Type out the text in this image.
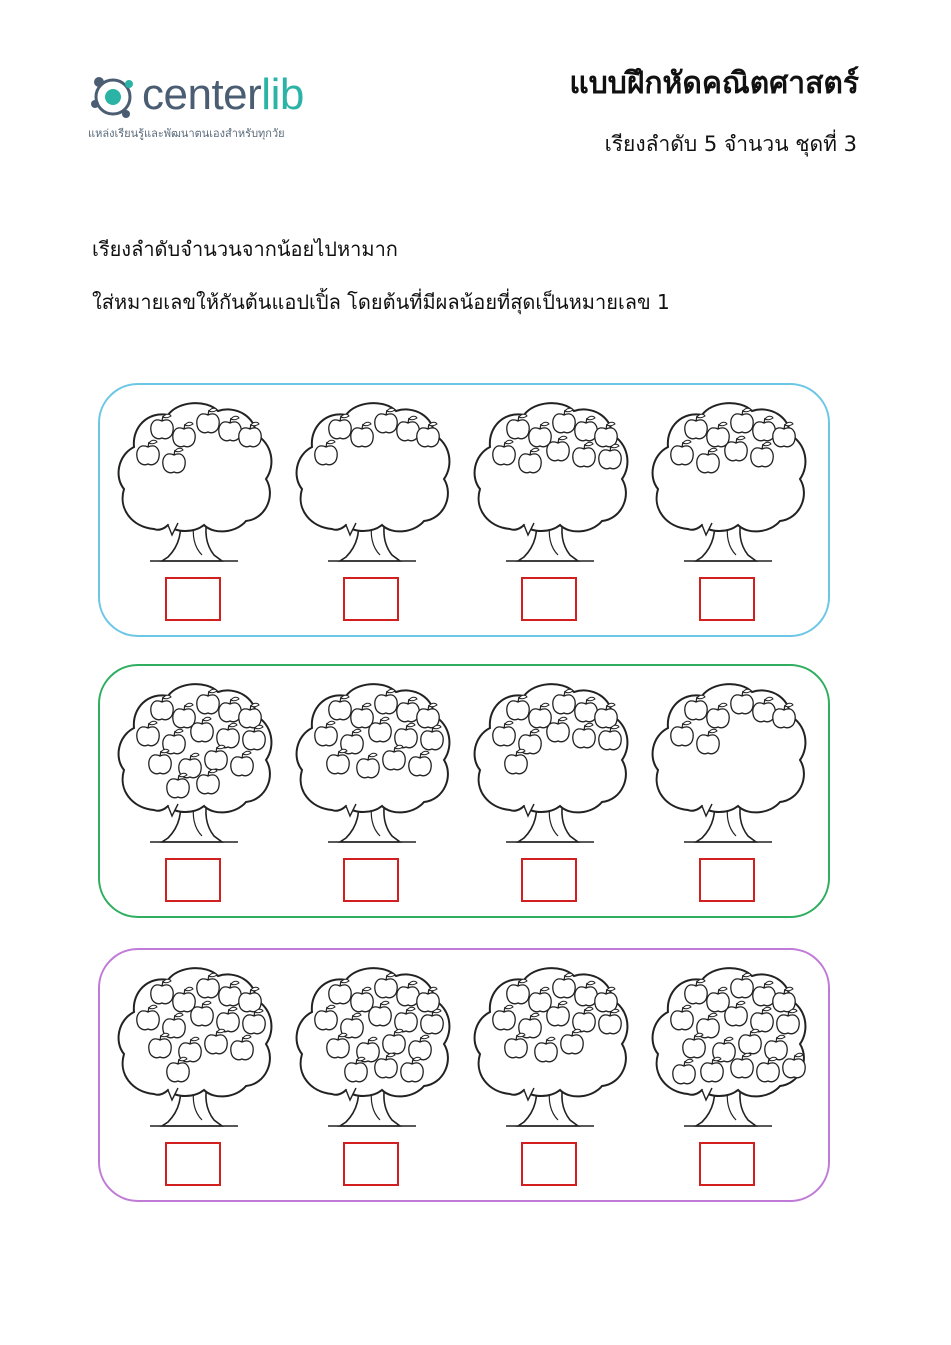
centerlib
แหล่งเรียนรู้และพัฒนาตนเองสำหรับทุกวัย
แบบฝึกหัดคณิตศาสตร์
เรียงลำดับ 5 จำนวน ชุดที่ 3
เรียงลำดับจำนวนจากน้อยไปหามาก
ใส่หมายเลขให้กันต้นแอปเปิ้ล โดยต้นที่มีผลน้อยที่สุดเป็นหมายเลข 1
